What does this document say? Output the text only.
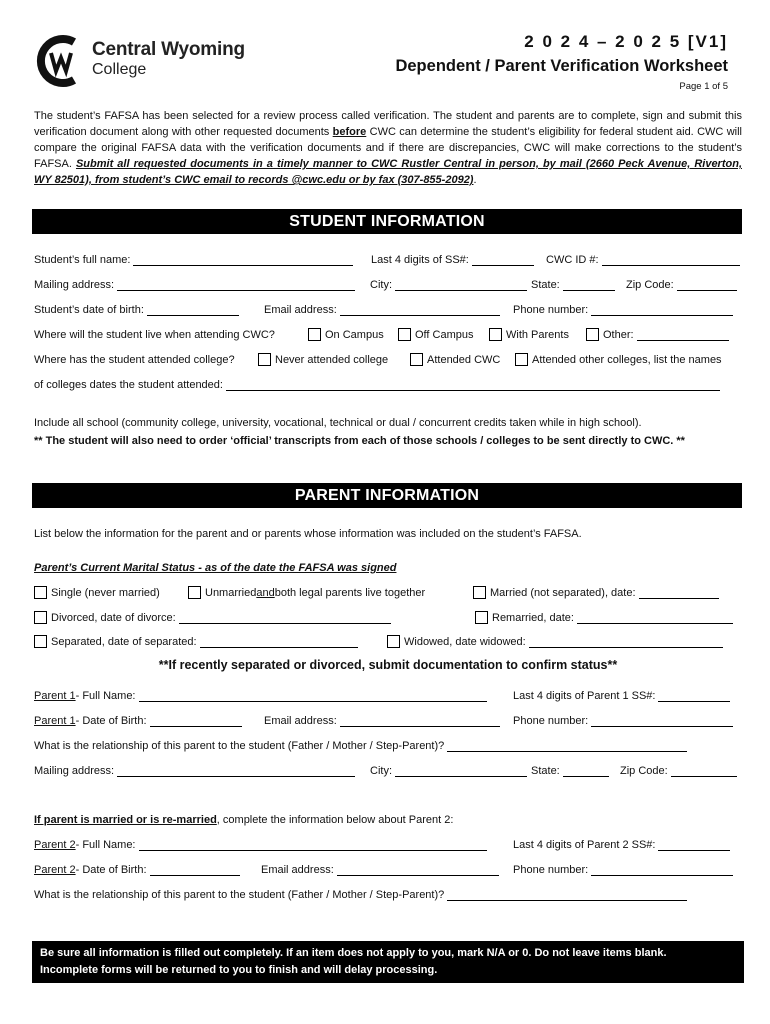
Central Wyoming
College
2 0 2 4 – 2 0 2 5 [V1]
Dependent / Parent Verification Worksheet
Page 1 of 5
The student’s FAFSA has been selected for a review process called verification. The student and parents are to complete, sign and submit this verification document along with other requested documents before CWC can determine the student’s eligibility for federal student aid. CWC will compare the original FAFSA data with the verification documents and if there are discrepancies, CWC will make corrections to the student’s FAFSA. Submit all requested documents in a timely manner to CWC Rustler Central in person, by mail (2660 Peck Avenue, Riverton, WY 82501), from student’s CWC email to records @cwc.edu or by fax (307-855-2092).
STUDENT INFORMATION
Student’s full name:	Last 4 digits of SS#:	CWC ID #:
Mailing address:	City:	State:	Zip Code:
Student’s date of birth:	Email address:	Phone number:
Where will the student live when attending CWC?	On Campus	Off Campus	With Parents	Other:
Where has the student attended college?	Never attended college	Attended CWC	Attended other colleges, list the names
of colleges dates the student attended:
Include all school (community college, university, vocational, technical or dual / concurrent credits taken while in high school).
** The student will also need to order ‘official’ transcripts from each of those schools / colleges to be sent directly to CWC. **
PARENT INFORMATION
List below the information for the parent and or parents whose information was included on the student’s FAFSA.
Parent’s Current Marital Status - as of the date the FAFSA was signed
Single (never married)	Unmarried and both legal parents live together	Married (not separated), date:
Divorced, date of divorce:	Remarried, date:
Separated, date of separated:	Widowed, date widowed:
**If recently separated or divorced, submit documentation to confirm status**
Parent 1 - Full Name:	Last 4 digits of Parent 1 SS#:
Parent 1 - Date of Birth:	Email address:	Phone number:
What is the relationship of this parent to the student (Father / Mother / Step-Parent)?
Mailing address:	City:	State:	Zip Code:
If parent is married or is re-married , complete the information below about Parent 2:
Parent 2 - Full Name:	Last 4 digits of Parent 2 SS#:
Parent 2 - Date of Birth:	Email address:	Phone number:
What is the relationship of this parent to the student (Father / Mother / Step-Parent)?
Be sure all information is filled out completely. If an item does not apply to you, mark N/A or 0. Do not leave items blank.
Incomplete forms will be returned to you to finish and will delay processing.
